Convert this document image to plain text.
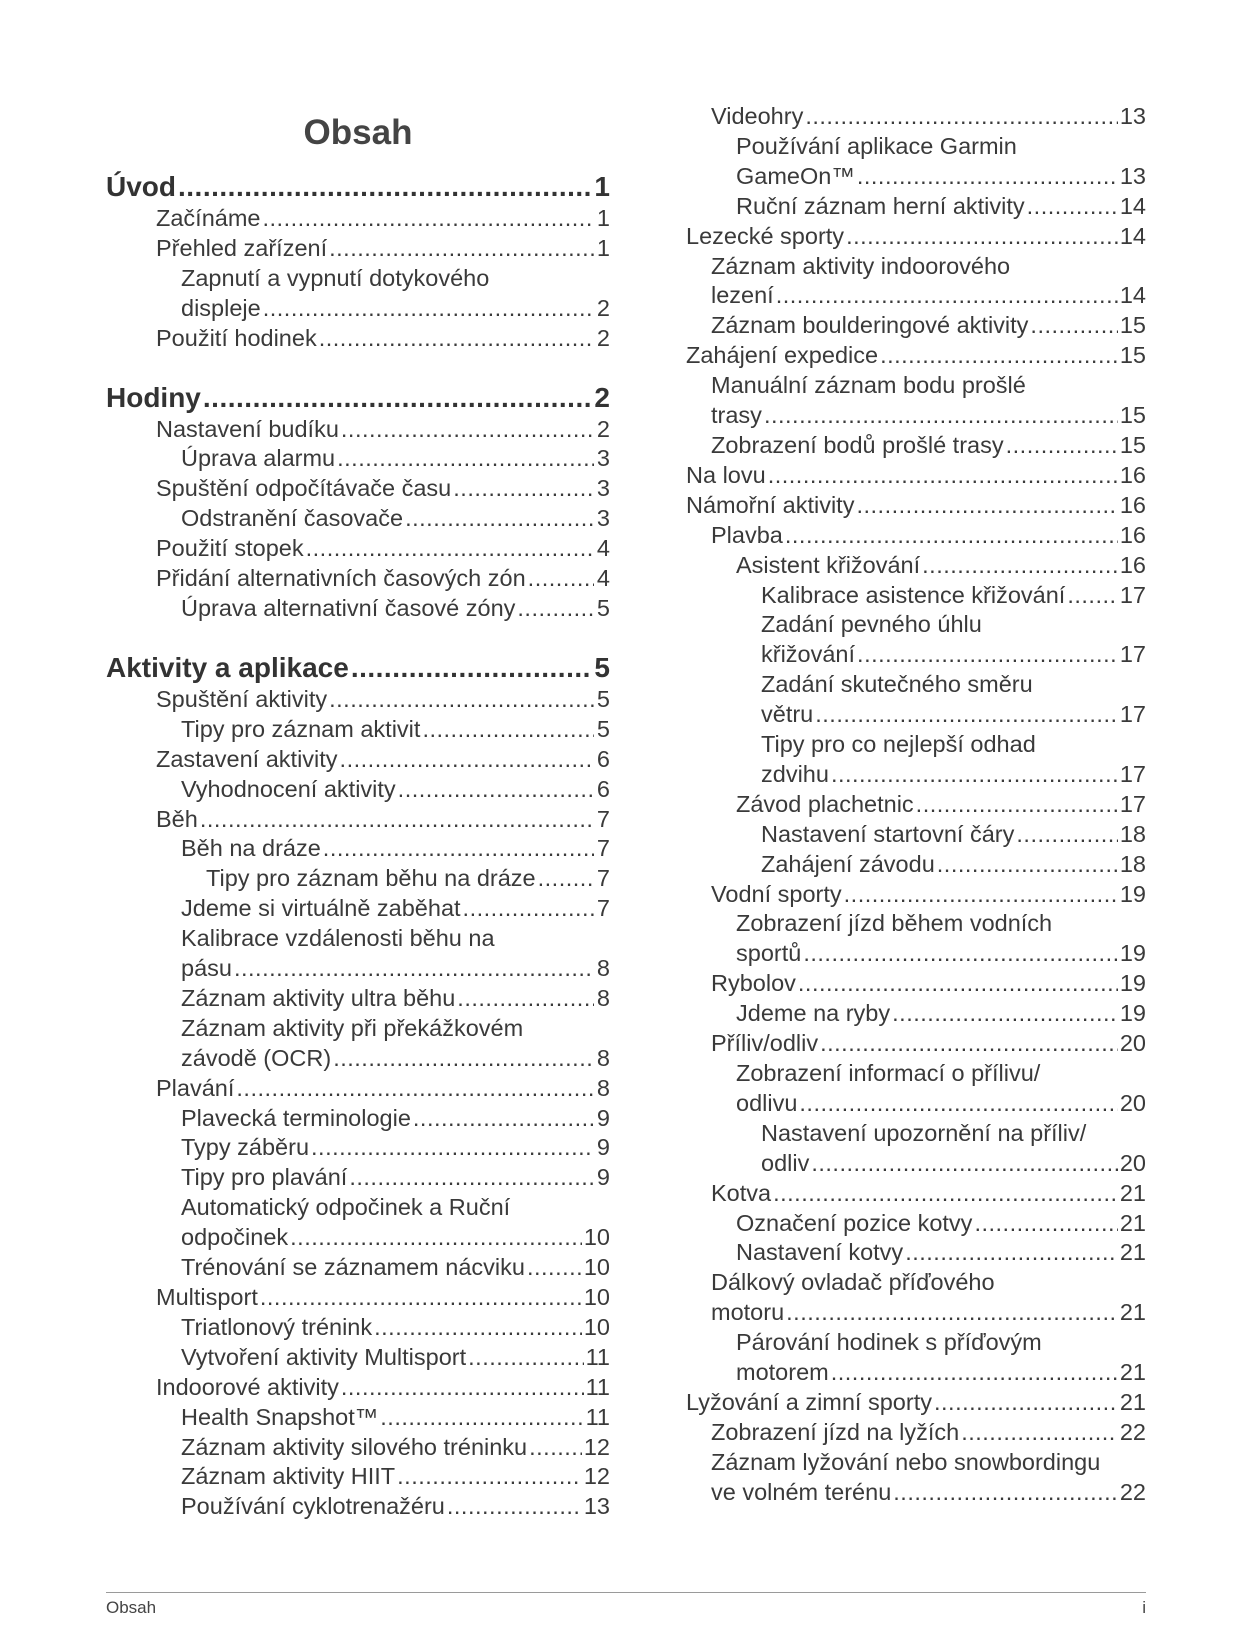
Obsah
Úvod .....	1
Začínáme .....	1
Přehled zařízení .....	1
Zapnutí a vypnutí dotykového
displeje .....	2
Použití hodinek .....	2
Hodiny .....	2
Nastavení budíku .....	2
Úprava alarmu .....	3
Spuštění odpočítávače času .....	3
Odstranění časovače .....	3
Použití stopek .....	4
Přidání alternativních časových zón .....	4
Úprava alternativní časové zóny .....	5
Aktivity a aplikace .....	5
Spuštění aktivity .....	5
Tipy pro záznam aktivit .....	5
Zastavení aktivity .....	6
Vyhodnocení aktivity .....	6
Běh .....	7
Běh na dráze .....	7
Tipy pro záznam běhu na dráze .....	7
Jdeme si virtuálně zaběhat .....	7
Kalibrace vzdálenosti běhu na
pásu .....	8
Záznam aktivity ultra běhu .....	8
Záznam aktivity při překážkovém
závodě (OCR) .....	8
Plavání .....	8
Plavecká terminologie .....	9
Typy záběru .....	9
Tipy pro plavání .....	9
Automatický odpočinek a Ruční
odpočinek .....	10
Trénování se záznamem nácviku .....	10
Multisport .....	10
Triatlonový trénink .....	10
Vytvoření aktivity Multisport .....	11
Indoorové aktivity .....	11
Health Snapshot™ .....	11
Záznam aktivity silového tréninku ..... 12
Záznam aktivity HIIT .....	12
Používání cyklotrenažéru .....	13
Videohry .....	13
Používání aplikace Garmin
GameOn™ .....	13
Ruční záznam herní aktivity .....	14
Lezecké sporty .....	14
Záznam aktivity indoorového
lezení .....	14
Záznam boulderingové aktivity .....	15
Zahájení expedice .....	15
Manuální záznam bodu prošlé
trasy .....	15
Zobrazení bodů prošlé trasy .....	15
Na lovu .....	16
Námořní aktivity .....	16
Plavba .....	16
Asistent křižování .....	16
Kalibrace asistence křižování ..... 17
Zadání pevného úhlu
křižování .....	17
Zadání skutečného směru
větru .....	17
Tipy pro co nejlepší odhad
zdvihu .....	17
Závod plachetnic .....	17
Nastavení startovní čáry .....	18
Zahájení závodu .....	18
Vodní sporty .....	19
Zobrazení jízd během vodních
sportů .....	19
Rybolov .....	19
Jdeme na ryby .....	19
Příliv/odliv .....	20
Zobrazení informací o přílivu/
odlivu .....	20
Nastavení upozornění na příliv/
odliv .....	20
Kotva .....	21
Označení pozice kotvy .....	21
Nastavení kotvy .....	21
Dálkový ovladač příďového
motoru .....	21
Párování hodinek s příďovým
motorem .....	21
Lyžování a zimní sporty .....	21
Zobrazení jízd na lyžích .....	22
Záznam lyžování nebo snowbordingu
ve volném terénu .....	22
Obsah	i
